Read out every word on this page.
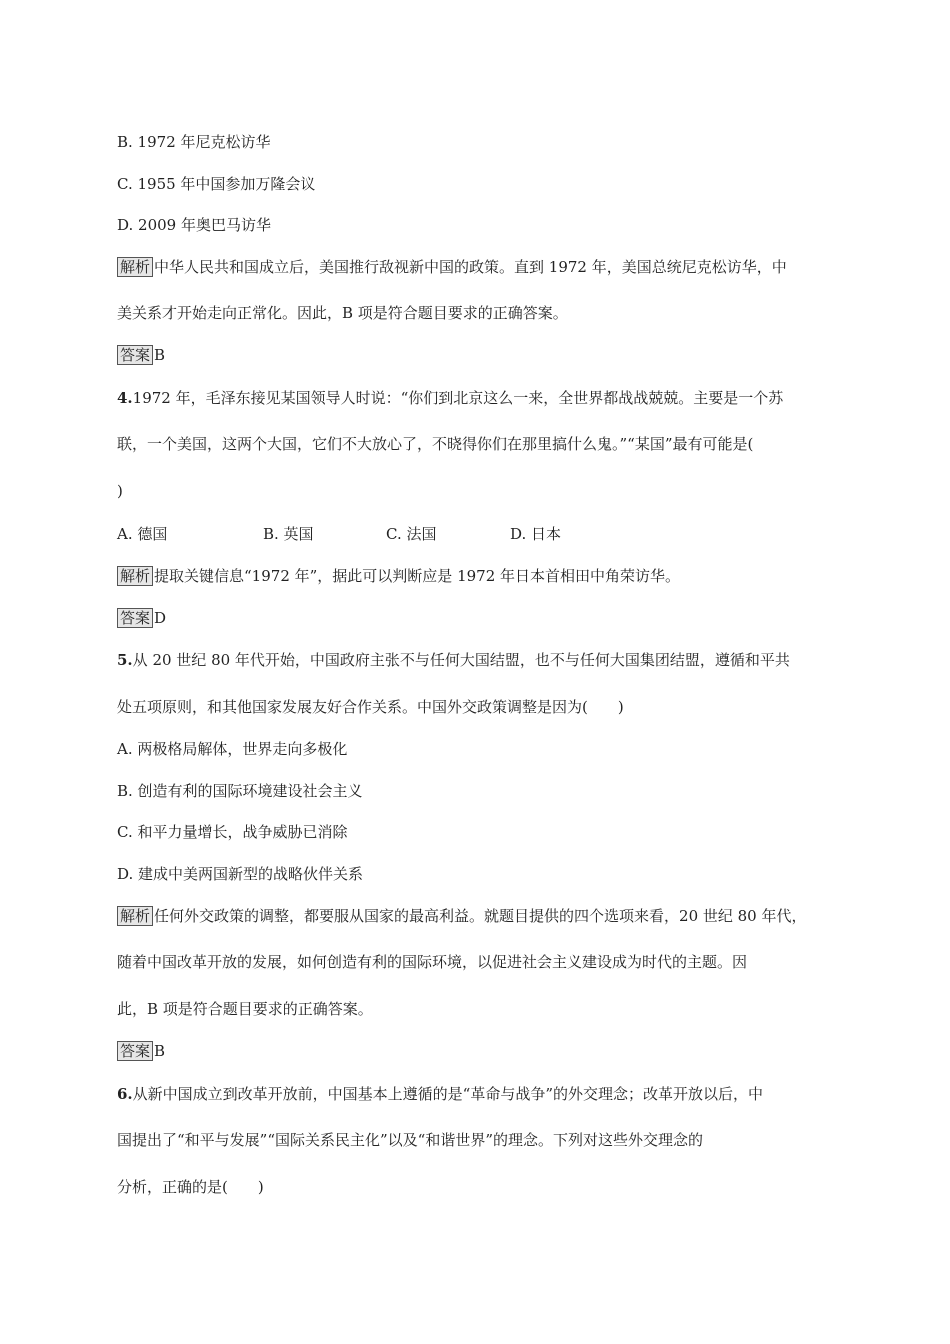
B. 1972 年尼克松访华
C. 1955 年中国参加万隆会议
D. 2009 年奥巴马访华
解析 中华人民共和国成立后，美国推行敌视新中国的政策。直到 1972 年，美国总统尼克松访华，中
美关系才开始走向正常化。因此，B 项是符合题目要求的正确答案。
答案 B
4.1972 年，毛泽东接见某国领导人时说：“你们到北京这么一来，全世界都战战兢兢。主要是一个苏
联，一个美国，这两个大国，它们不大放心了，不晓得你们在那里搞什么鬼。”“某国”最有可能是(
)
A. 德国	B. 英国	C. 法国	D. 日本
解析 提取关键信息“1972 年”，据此可以判断应是 1972 年日本首相田中角荣访华。
答案 D
5.从 20 世纪 80 年代开始，中国政府主张不与任何大国结盟，也不与任何大国集团结盟，遵循和平共
处五项原则，和其他国家发展友好合作关系。中国外交政策调整是因为(　　)
A. 两极格局解体，世界走向多极化
B. 创造有利的国际环境建设社会主义
C. 和平力量增长，战争威胁已消除
D. 建成中美两国新型的战略伙伴关系
解析 任何外交政策的调整，都要服从国家的最高利益。就题目提供的四个选项来看，20 世纪 80 年代，
随着中国改革开放的发展，如何创造有利的国际环境，以促进社会主义建设成为时代的主题。因
此，B 项是符合题目要求的正确答案。
答案 B
6.从新中国成立到改革开放前，中国基本上遵循的是“革命与战争”的外交理念；改革开放以后，中
国提出了“和平与发展”“国际关系民主化”以及“和谐世界”的理念。下列对这些外交理念的
分析，正确的是(　　)
